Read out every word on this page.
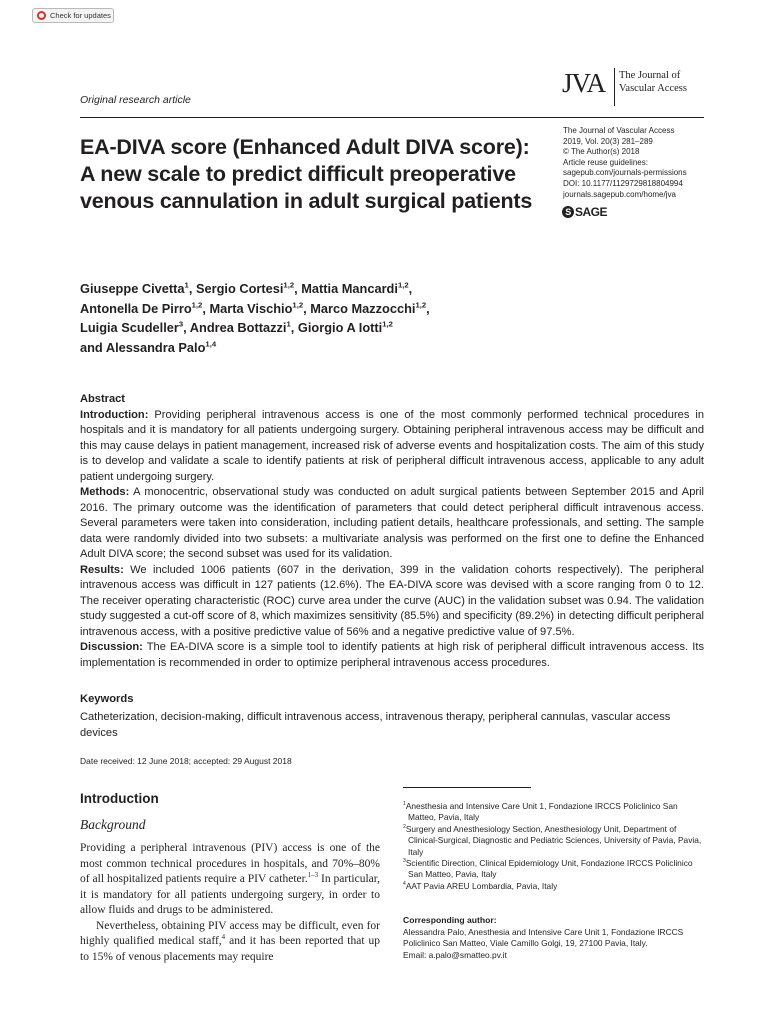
Check for updates
Original research article
JVA The Journal of
Vascular Access
The Journal of Vascular Access
2019, Vol. 20(3) 281–289
© The Author(s) 2018
Article reuse guidelines:
sagepub.com/journals-permissions
DOI: 10.1177/1129729818804994
journals.sagepub.com/home/jva
S SAGE
EA-DIVA score (Enhanced Adult DIVA score): A new scale to predict difficult preoperative venous cannulation in adult surgical patients
Giuseppe Civetta$^1$, Sergio Cortesi$^{1,2}$, Mattia Mancardi$^{1,2}$,
Antonella De Pirro$^{1,2}$, Marta Vischio$^{1,2}$, Marco Mazzocchi$^{1,2}$,
Luigia Scudeller$^3$, Andrea Bottazzi$^1$, Giorgio A Iotti$^{1,2}$
and Alessandra Palo$^{1,4}$

Abstract

Introduction: Providing peripheral intravenous access is one of the most commonly performed technical procedures in hospitals and it is mandatory for all patients undergoing surgery. Obtaining peripheral intravenous access may be difficult and this may cause delays in patient management, increased risk of adverse events and hospitalization costs. The aim of this study is to develop and validate a scale to identify patients at risk of peripheral difficult intravenous access, applicable to any adult patient undergoing surgery.

Methods: A monocentric, observational study was conducted on adult surgical patients between September 2015 and April 2016. The primary outcome was the identification of parameters that could detect peripheral difficult intravenous access. Several parameters were taken into consideration, including patient details, healthcare professionals, and setting. The sample data were randomly divided into two subsets: a multivariate analysis was performed on the first one to define the Enhanced Adult DIVA score; the second subset was used for its validation.

Results: We included 1006 patients (607 in the derivation, 399 in the validation cohorts respectively). The peripheral intravenous access was difficult in 127 patients (12.6%). The EA-DIVA score was devised with a score ranging from 0 to 12. The receiver operating characteristic (ROC) curve area under the curve (AUC) in the validation subset was 0.94. The validation study suggested a cut-off score of 8, which maximizes sensitivity (85.5%) and specificity (89.2%) in detecting difficult peripheral intravenous access, with a positive predictive value of 56% and a negative predictive value of 97.5%.

Discussion: The EA-DIVA score is a simple tool to identify patients at high risk of peripheral difficult intravenous access. Its implementation is recommended in order to optimize peripheral intravenous access procedures.

Keywords
Catheterization, decision-making, difficult intravenous access, intravenous therapy, peripheral cannulas, vascular access devices
Date received: 12 June 2018; accepted: 29 August 2018
Introduction
Background

Providing a peripheral intravenous (PIV) access is one of the most common technical procedures in hospitals, and 70%–80% of all hospitalized patients require a PIV catheter.$^{1-3}$ In particular, it is mandatory for all patients undergoing surgery, in order to allow fluids and drugs to be administered.

Nevertheless, obtaining PIV access may be difficult, even for highly qualified medical staff,$^4$ and it has been reported that up to 15% of venous placements may require

$^1$Anesthesia and Intensive Care Unit 1, Fondazione IRCCS Policlinico San Matteo, Pavia, Italy

$^2$Surgery and Anesthesiology Section, Anesthesiology Unit, Department of Clinical-Surgical, Diagnostic and Pediatric Sciences, University of Pavia, Pavia, Italy

$^3$Scientific Direction, Clinical Epidemiology Unit, Fondazione IRCCS Policlinico San Matteo, Pavia, Italy

$^4$AAT Pavia AREU Lombardia, Pavia, Italy

Corresponding author:
Alessandra Palo, Anesthesia and Intensive Care Unit 1, Fondazione IRCCS Policlinico San Matteo, Viale Camillo Golgi, 19, 27100 Pavia, Italy.
Email: a.palo@smatteo.pv.it
